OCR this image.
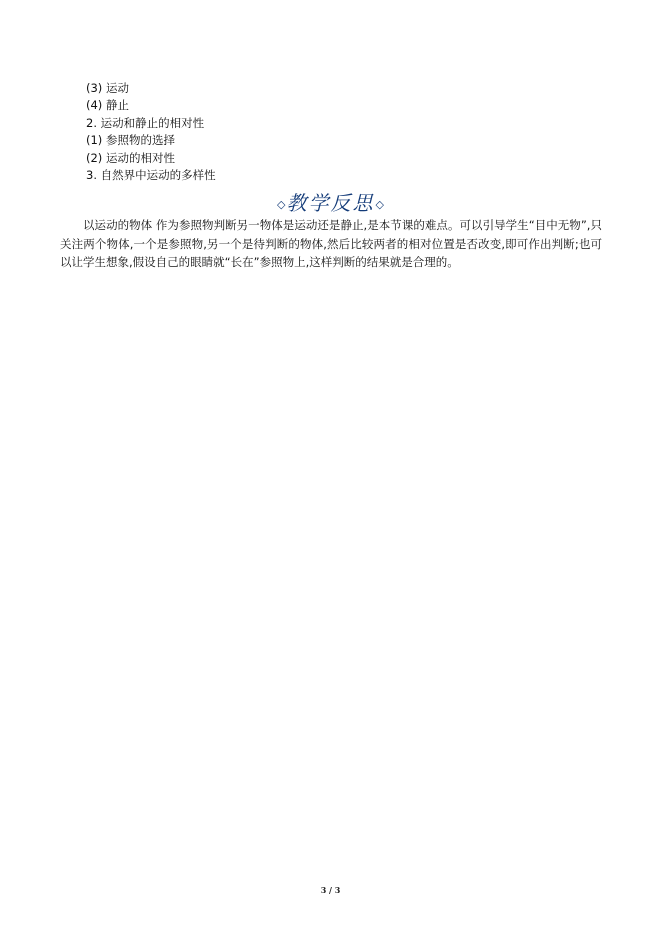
(3) 运动
(4) 静止
2. 运动和静止的相对性
(1) 参照物的选择
(2) 运动的相对性
3. 自然界中运动的多样性
◇教学反思◇

以运动的物体 作为参照物判断另一物体是运动还是静止,是本节课的难点。可以引导学生“目中无物”,只关注两个物体,一个是参照物,另一个是待判断的物体,然后比较两者的相对位置是否改变,即可作出判断;也可以让学生想象,假设自己的眼睛就“长在”参照物上,这样判断的结果就是合理的。

3 / 3
